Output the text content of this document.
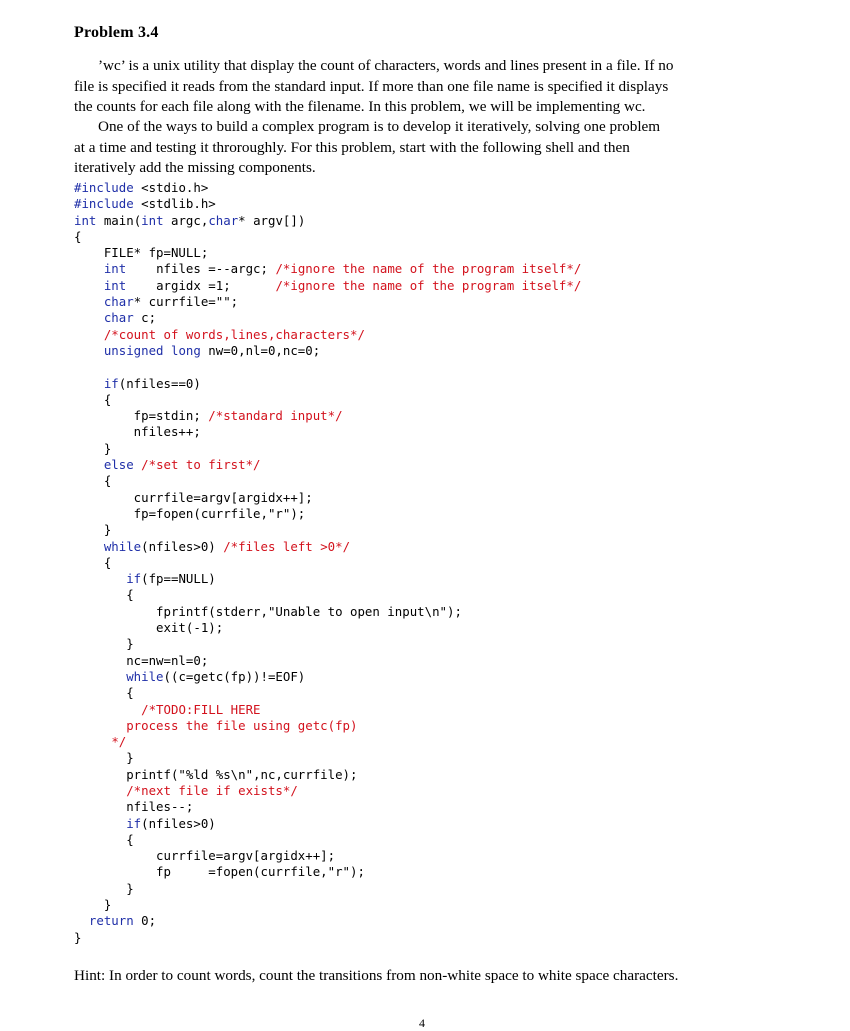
Problem 3.4
’wc’ is a unix utility that display the count of characters, words and lines present in a file. If no
file is specified it reads from the standard input. If more than one file name is specified it displays
the counts for each file along with the filename. In this problem, we will be implementing wc.
One of the ways to build a complex program is to develop it iteratively, solving one problem
at a time and testing it throroughly. For this problem, start with the following shell and then
iteratively add the missing components.
#include <stdio.h>
#include <stdlib.h>
int main(int argc,char* argv[])
{
FILE* fp=NULL;
int    nfiles =--argc; /*ignore the name of the program itself*/
int    argidx =1;      /*ignore the name of the program itself*/
char* currfile="";
char c;
/*count of words,lines,characters*/
unsigned long nw=0,nl=0,nc=0;
if(nfiles==0)
{
fp=stdin; /*standard input*/
nfiles++;
}
else /*set to first*/
{
currfile=argv[argidx++];
fp=fopen(currfile,"r");
}
while(nfiles>0) /*files left >0*/
{
if(fp==NULL)
{
fprintf(stderr,"Unable to open input\n");
exit(-1);
}
nc=nw=nl=0;
while((c=getc(fp))!=EOF)
{
/*TODO:FILL HERE
process the file using getc(fp)
*/
}
printf("%ld %s\n",nc,currfile);
/*next file if exists*/
nfiles--;
if(nfiles>0)
{
currfile=argv[argidx++];
fp     =fopen(currfile,"r");
}
}
return 0;
}
Hint: In order to count words, count the transitions from non-white space to white space characters.
4
